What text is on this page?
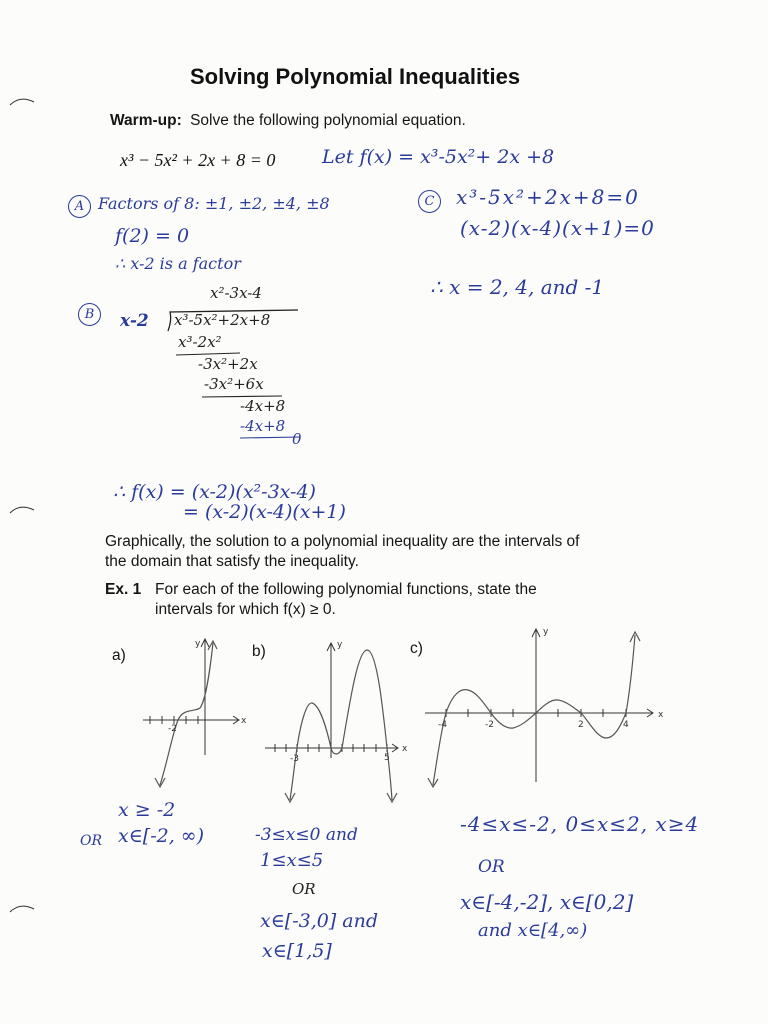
Solving Polynomial Inequalities
Warm-up: Solve the following polynomial equation.
x³ − 5x² + 2x + 8 = 0 Let f(x) = x³-5x²+ 2x +8
A Factors of 8: ±1, ±2, ±4, ±8
f(2) = 0
∴ x-2 is a factor
C	x³-5x²+2x+8=0
(x-2)(x-4)(x+1)=0
∴ x = 2, 4, and -1
B
x²-3x-4
x-2 x³-5x²+2x+8
x³-2x²
-3x²+2x
-3x²+6x
-4x+8
-4x+8
0
∴ f(x) = (x-2)(x²-3x-4)
= (x-2)(x-4)(x+1)
Graphically, the solution to a polynomial inequality are the intervals of
the domain that satisfy the inequality.
Ex. 1 For each of the following polynomial functions, state the
intervals for which f(x) ≥ 0.
a)	b)	c)
y
x
-2
y
x
-3	5
y
x
-4	-2	2	4
x ≥ -2
OR x∈[-2, ∞)	-3≤x≤0 and
1≤x≤5
OR
x∈[-3,0] and
x∈[1,5]
-4≤x≤-2, 0≤x≤2, x≥4
OR
x∈[-4,-2], x∈[0,2]
and x∈[4,∞)
